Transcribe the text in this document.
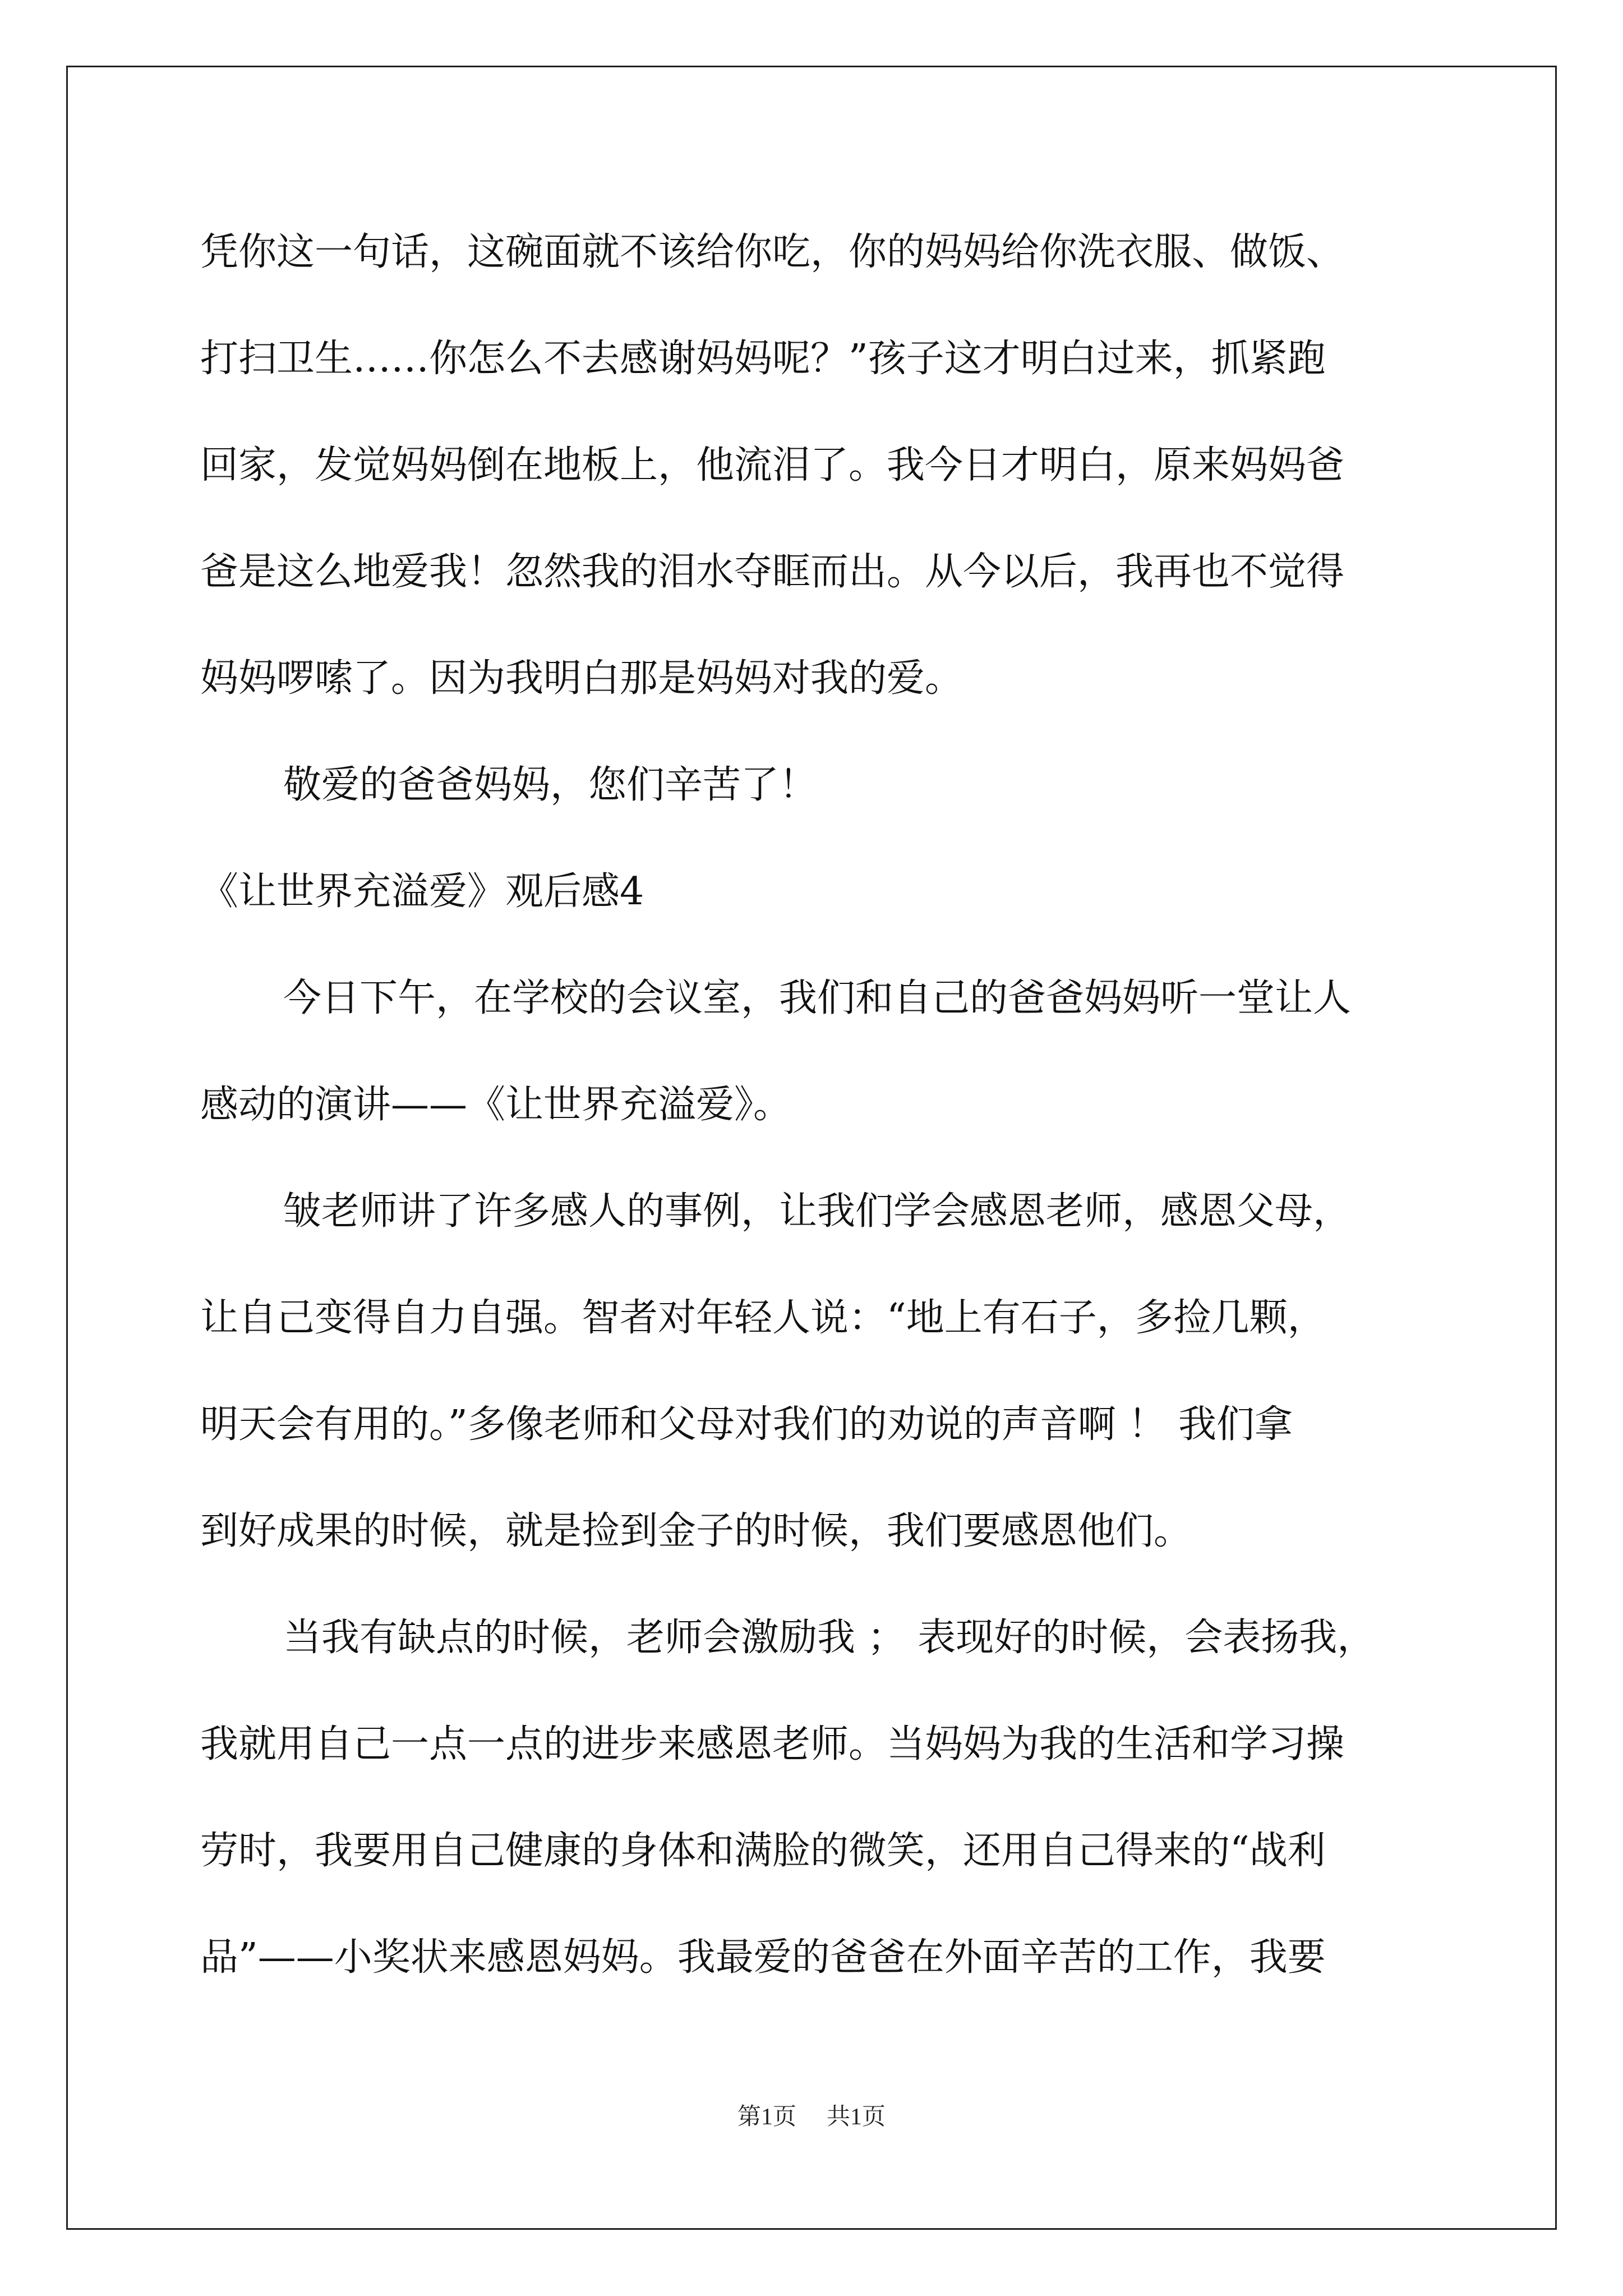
凭你这一句话，这碗面就不该给你吃，你的妈妈给你洗衣服、做饭、
打扫卫生……你怎么不去感谢妈妈呢？”孩子这才明白过来，抓紧跑
回家，发觉妈妈倒在地板上，他流泪了。我今日才明白，原来妈妈爸
爸是这么地爱我！忽然我的泪水夺眶而出。从今以后，我再也不觉得
妈妈啰嗦了。因为我明白那是妈妈对我的爱。
敬爱的爸爸妈妈，您们辛苦了！
《让世界充溢爱》观后感4
今日下午，在学校的会议室，我们和自己的爸爸妈妈听一堂让人
感动的演讲——《让世界充溢爱》。
皱老师讲了许多感人的事例，让我们学会感恩老师，感恩父母，
让自己变得自力自强。智者对年轻人说：“地上有石子，多捡几颗，
明天会有用的。”多像老师和父母对我们的劝说的声音啊 ！ 我们拿
到好成果的时候，就是捡到金子的时候，我们要感恩他们。
当我有缺点的时候，老师会激励我 ； 表现好的时候，会表扬我，
我就用自己一点一点的进步来感恩老师。当妈妈为我的生活和学习操
劳时，我要用自己健康的身体和满脸的微笑，还用自己得来的“战利
品”——小奖状来感恩妈妈。我最爱的爸爸在外面辛苦的工作，我要
第1页 共1页
